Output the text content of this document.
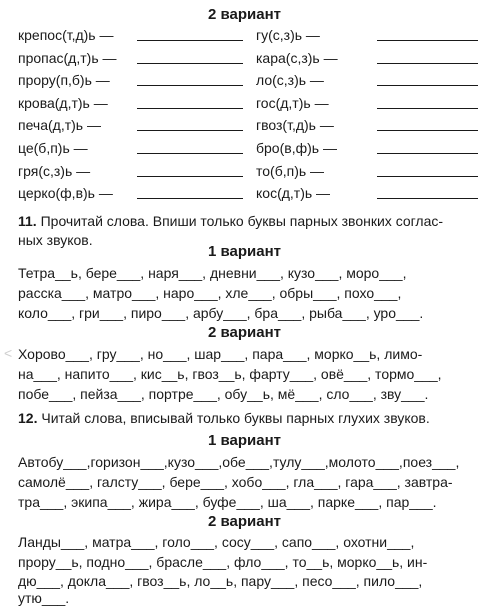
2 вариант
крепос(т,д)ь —
пропас(д,т)ь —
прору(п,б)ь —
крова(д,т)ь —
печа(д,т)ь —
це(б,п)ь —
гря(с,з)ь —
церко(ф,в)ь —
гу(с,з)ь —
кара(с,з)ь —
ло(с,з)ь —
гос(д,т)ь —
гвоз(т,д)ь —
бро(в,ф)ь —
то(б,п)ь —
кос(д,т)ь —
11. Прочитай слова. Впиши только буквы парных звонких соглас-
ных звуков.
1 вариант
Тетра__ь, бере___, наря___, дневни___, кузо___, моро___,
расска___, матро___, наро___, хле___, обры___, похо___,
коло___, гри___, пиро___, арбу___, бра___, рыба___, уро___.
2 вариант
Хорово___, гру___, но___, шар___, пара___, морко__ь, лимо-
на___, напито___, кис__ь, гвоз__ь, фарту___, овё___, тормо___,
побе___, пейза___, портре___, обу__ь, мё___, сло___, зву___.
12. Читай слова, вписывай только буквы парных глухих звуков.
1 вариант
Автобу___,горизон___,кузо___,обе___,тулу___,молото___,поез___,
самолё___, галсту___, бере___, хобо___, гла___, гара___, завтра-
тра___, экипа___, жира___, буфе___, ша___, парке___, пар___.
2 вариант
Ланды___, матра___, голо___, сосу___, сапо___, охотни___,
прору__ь, подно___, брасле___, фло___, то__ь, морко__ь, ин-
дю___, докла___, гвоз__ь, ло__ь, пару___, песо___, пило___,
утю___.
<
